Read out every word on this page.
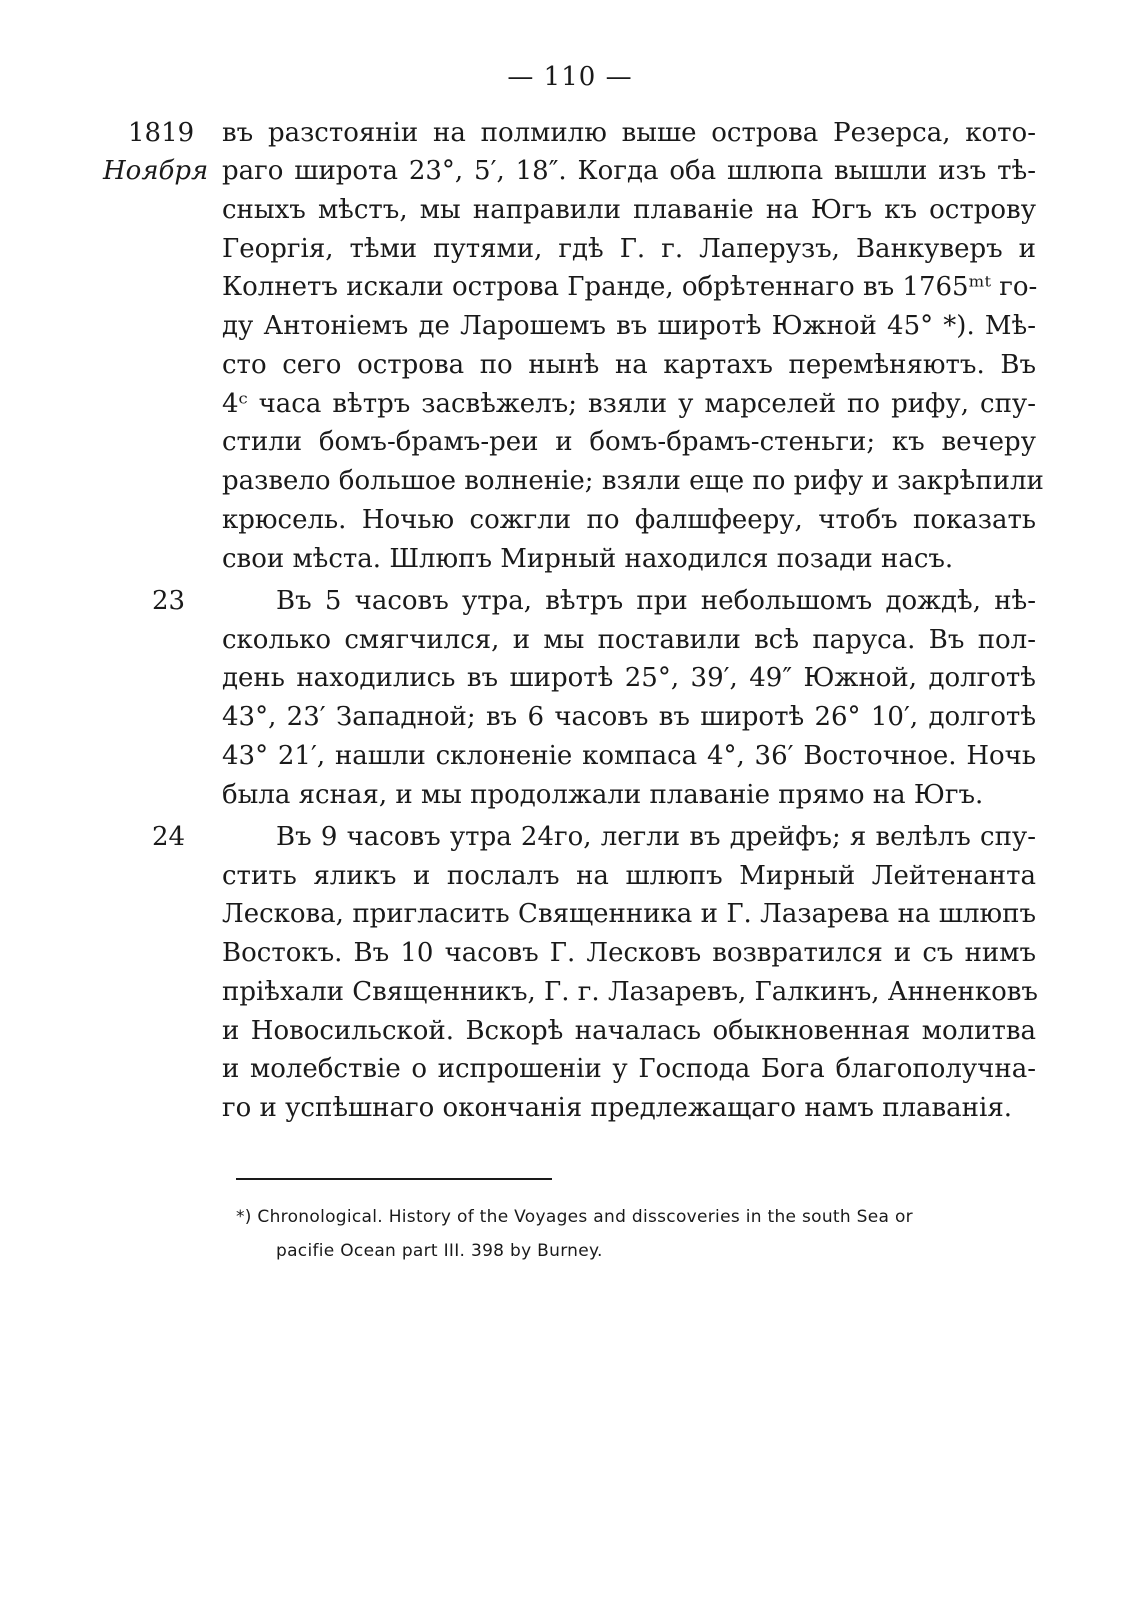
— 110 —
1819
Ноября
23
24
въ разстояніи на полмилю выше острова Резерса, кото-
раго широта 23°, 5′, 18″. Когда оба шлюпа вышли изъ тѣ-
сныхъ мѣстъ, мы направили плаваніе на Югъ къ острову
Георгія, тѣми путями, гдѣ Г. г. Лаперузъ, Ванкуверъ и
Колнетъ искали острова Гранде, обрѣтеннаго въ 1765ᵐᵗ го-
ду Антоніемъ де Ларошемъ въ широтѣ Южной 45° *). Мѣ-
сто сего острова по нынѣ на картахъ перемѣняютъ. Въ
4ᶜ часа вѣтръ засвѣжелъ; взяли у марселей по рифу, спу-
стили бомъ-брамъ-реи и бомъ-брамъ-стеньги; къ вечеру
развело большое волненіе; взяли еще по рифу и закрѣпили
крюсель. Ночью сожгли по фалшфееру, чтобъ показать
свои мѣста. Шлюпъ Мирный находился позади насъ.
Въ 5 часовъ утра, вѣтръ при небольшомъ дождѣ, нѣ-
сколько смягчился, и мы поставили всѣ паруса. Въ пол-
день находились въ широтѣ 25°, 39′, 49″ Южной, долготѣ
43°, 23′ Западной; въ 6 часовъ въ широтѣ 26° 10′, долготѣ
43° 21′, нашли склоненіе компаса 4°, 36′ Восточное. Ночь
была ясная, и мы продолжали плаваніе прямо на Югъ.
Въ 9 часовъ утра 24го, легли въ дрейфъ; я велѣлъ спу-
стить яликъ и послалъ на шлюпъ Мирный Лейтенанта
Лескова, пригласить Священника и Г. Лазарева на шлюпъ
Востокъ. Въ 10 часовъ Г. Лесковъ возвратился и съ нимъ
пріѣхали Священникъ, Г. г. Лазаревъ, Галкинъ, Анненковъ
и Новосильской. Вскорѣ началась обыкновенная молитва
и молебствіе о испрошеніи у Господа Бога благополучна-
го и успѣшнаго окончанія предлежащаго намъ плаванія.
*) Chronological. History of the Voyages and disscoveries in the south Sea or
pacifie Ocean part III. 398 by Burney.
